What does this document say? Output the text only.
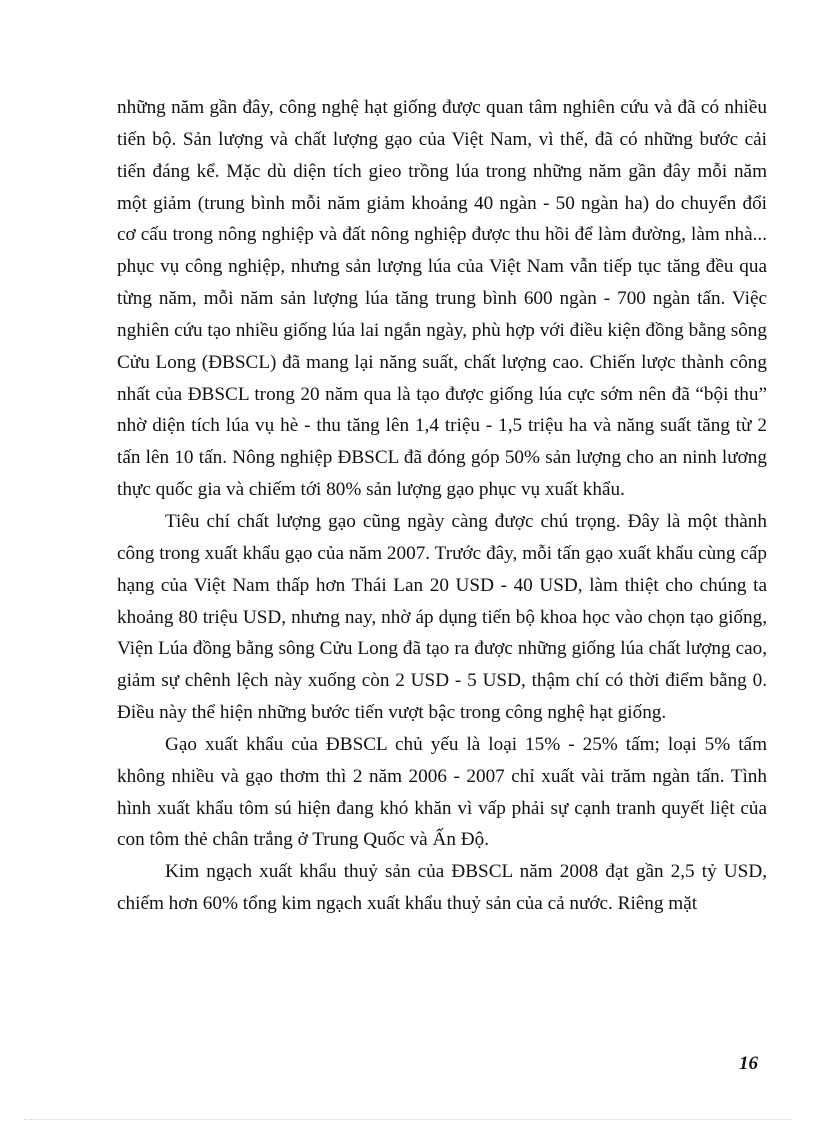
những năm gần đây, công nghệ hạt giống được quan tâm nghiên cứu và đã có nhiều tiến bộ. Sản lượng và chất lượng gạo của Việt Nam, vì thế, đã có những bước cải tiến đáng kể. Mặc dù diện tích gieo trồng lúa trong những năm gần đây mỗi năm một giảm (trung bình mỗi năm giảm khoảng 40 ngàn - 50 ngàn ha) do chuyển đổi cơ cấu trong nông nghiệp và đất nông nghiệp được thu hồi để làm đường, làm nhà... phục vụ công nghiệp, nhưng sản lượng lúa của Việt Nam vẫn tiếp tục tăng đều qua từng năm, mỗi năm sản lượng lúa tăng trung bình 600 ngàn - 700 ngàn tấn. Việc nghiên cứu tạo nhiều giống lúa lai ngắn ngày, phù hợp với điều kiện đồng bằng sông Cửu Long (ĐBSCL) đã mang lại năng suất, chất lượng cao. Chiến lược thành công nhất của ĐBSCL trong 20 năm qua là tạo được giống lúa cực sớm nên đã “bội thu” nhờ diện tích lúa vụ hè - thu tăng lên 1,4 triệu - 1,5 triệu ha và năng suất tăng từ 2 tấn lên 10 tấn. Nông nghiệp ĐBSCL đã đóng góp 50% sản lượng cho an ninh lương thực quốc gia và chiếm tới 80% sản lượng gạo phục vụ xuất khẩu.

Tiêu chí chất lượng gạo cũng ngày càng được chú trọng. Đây là một thành công trong xuất khẩu gạo của năm 2007. Trước đây, mỗi tấn gạo xuất khẩu cùng cấp hạng của Việt Nam thấp hơn Thái Lan 20 USD - 40 USD, làm thiệt cho chúng ta khoảng 80 triệu USD, nhưng nay, nhờ áp dụng tiến bộ khoa học vào chọn tạo giống, Viện Lúa đồng bằng sông Cửu Long đã tạo ra được những giống lúa chất lượng cao, giảm sự chênh lệch này xuống còn 2 USD - 5 USD, thậm chí có thời điểm bằng 0. Điều này thể hiện những bước tiến vượt bậc trong công nghệ hạt giống.

Gạo xuất khẩu của ĐBSCL chủ yếu là loại 15% - 25% tấm; loại 5% tấm không nhiều và gạo thơm thì 2 năm 2006 - 2007 chỉ xuất vài trăm ngàn tấn. Tình hình xuất khẩu tôm sú hiện đang khó khăn vì vấp phải sự cạnh tranh quyết liệt của con tôm thẻ chân trắng ở Trung Quốc và Ấn Độ.

Kim ngạch xuất khẩu thuỷ sản của ĐBSCL năm 2008 đạt gần 2,5 tỷ USD, chiếm hơn 60% tổng kim ngạch xuất khẩu thuỷ sản của cả nước. Riêng mặt

16
